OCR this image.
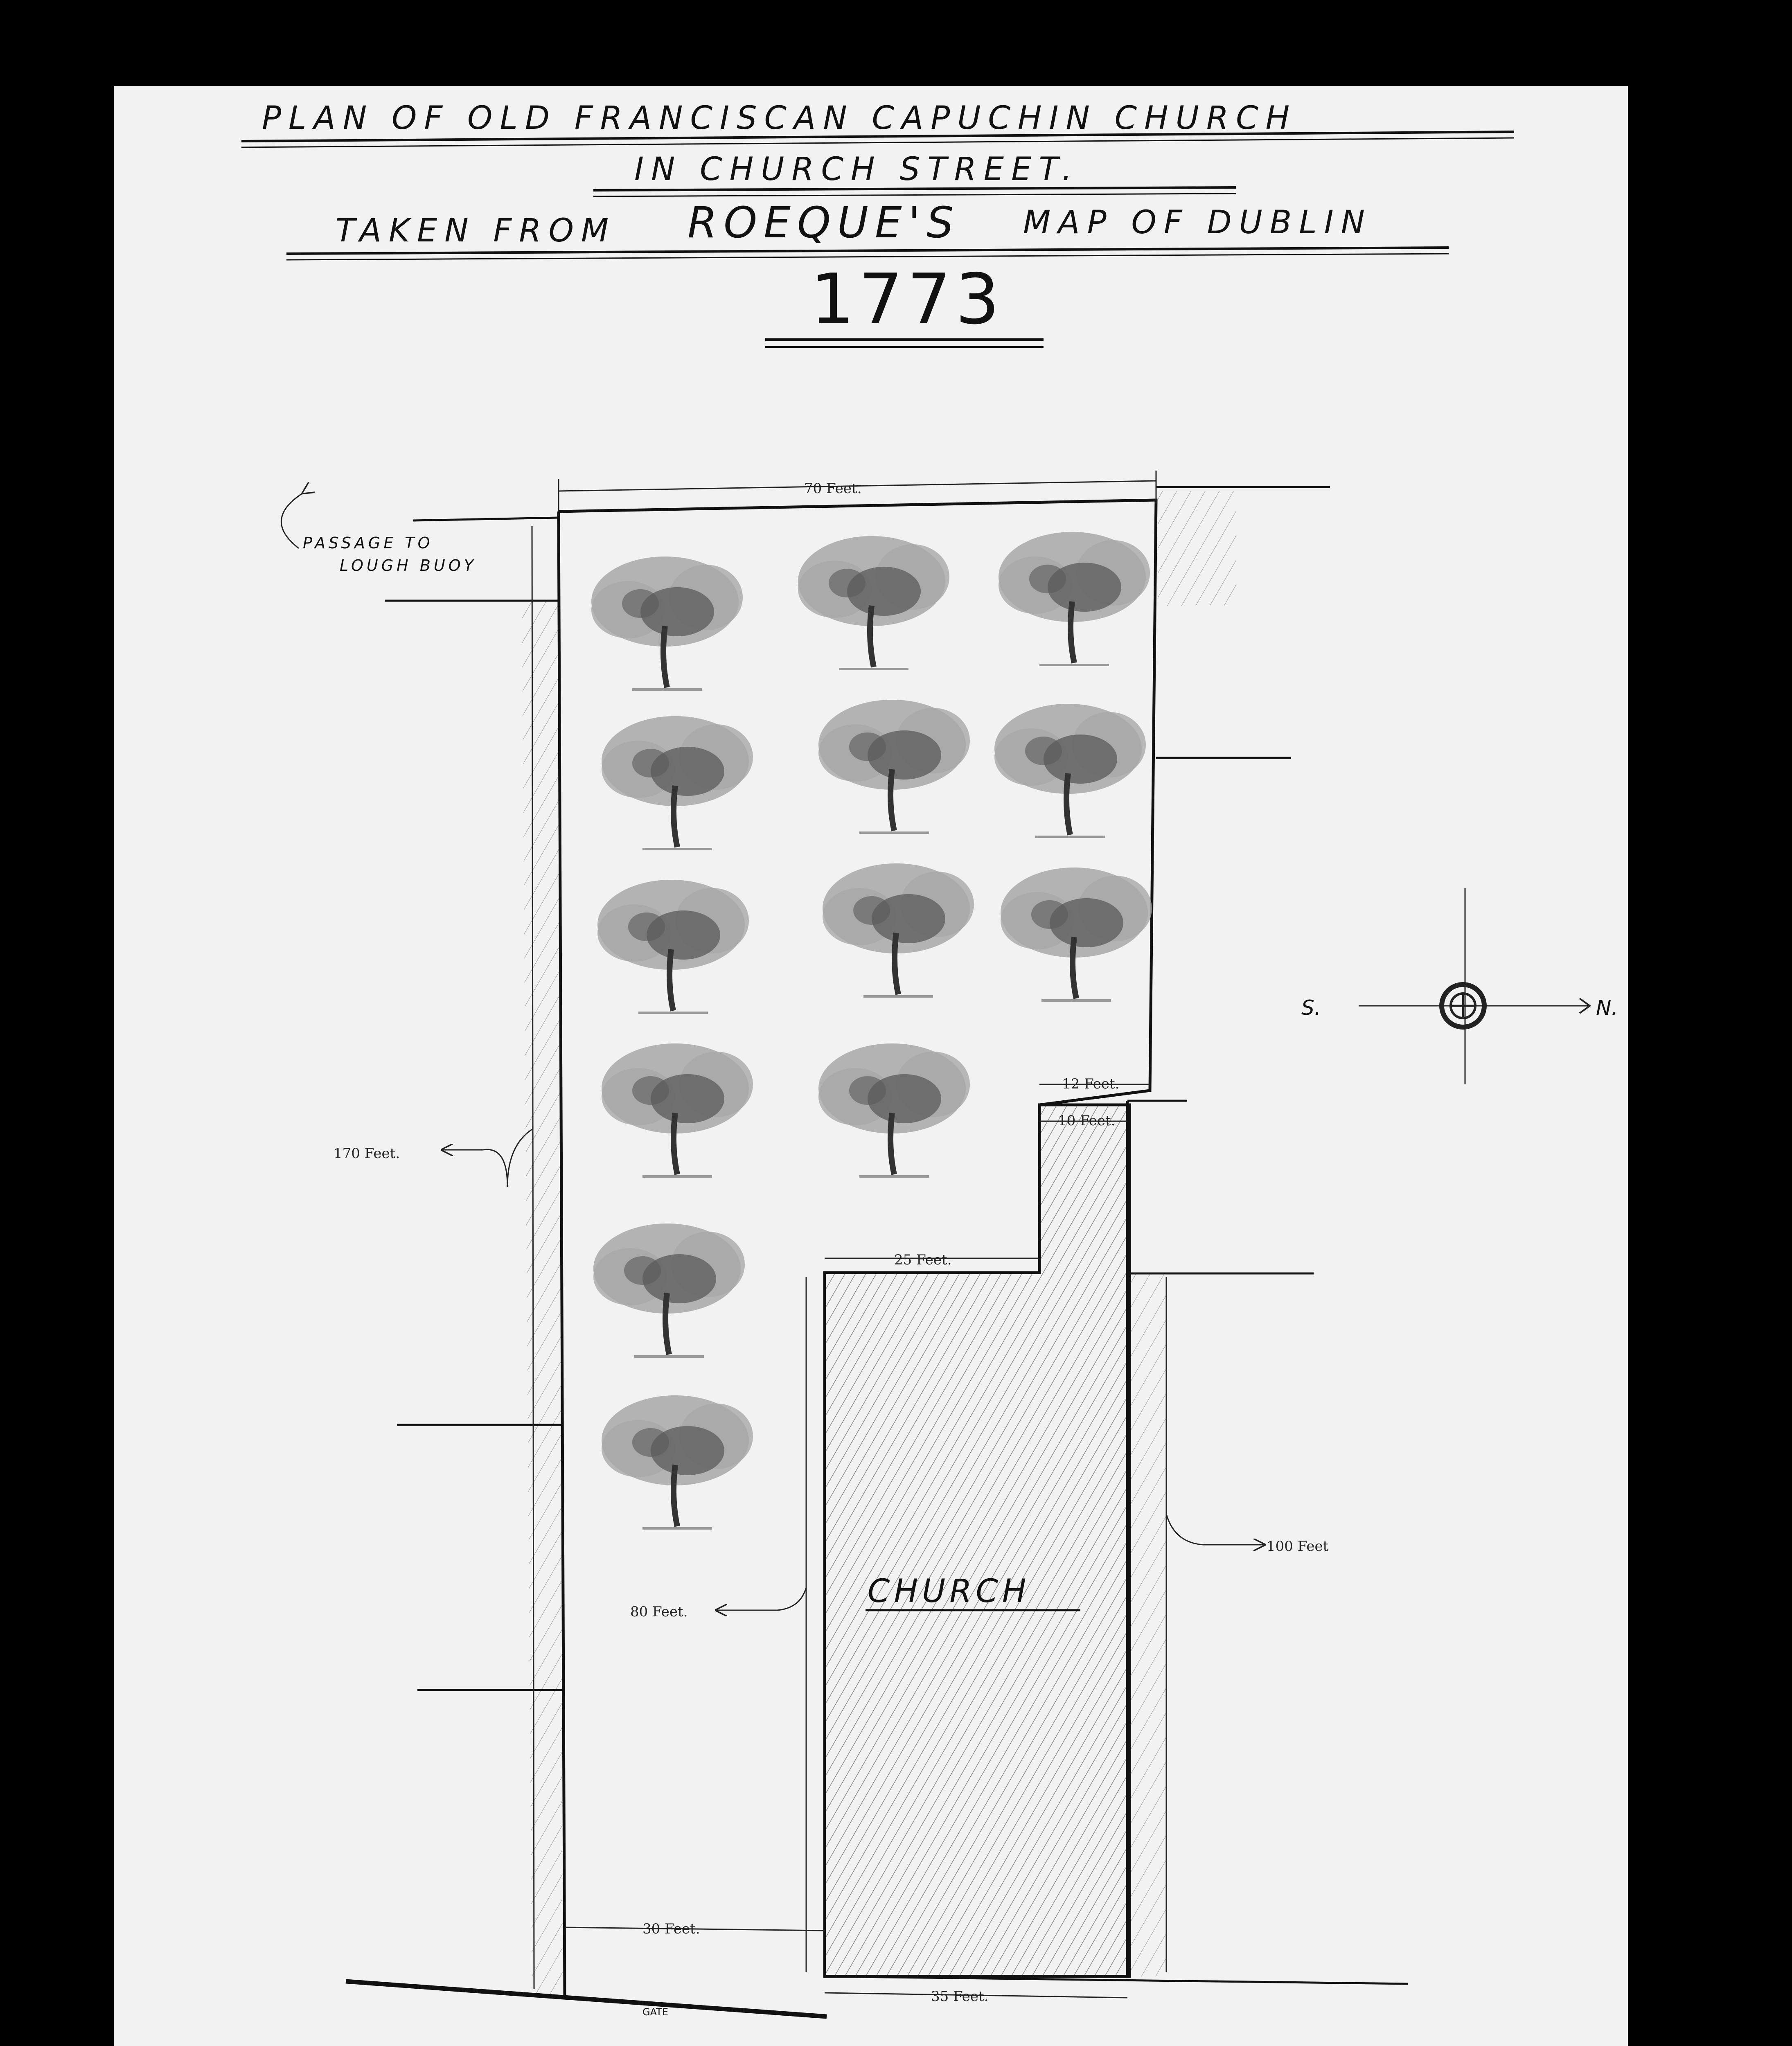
PLAN OF OLD FRANCISCAN CAPUCHIN CHURCH
IN CHURCH STREET.
TAKEN FROM ROEQUE'S MAP OF DUBLIN
1773
70 Feet.
170 Feet.
12 Feet.
10 Feet.
25 Feet.
80 Feet.
100 Feet
30 Feet.
35 Feet.
PASSAGE TO
LOUGH BUOY
CHURCH
GATE
S.	N.
